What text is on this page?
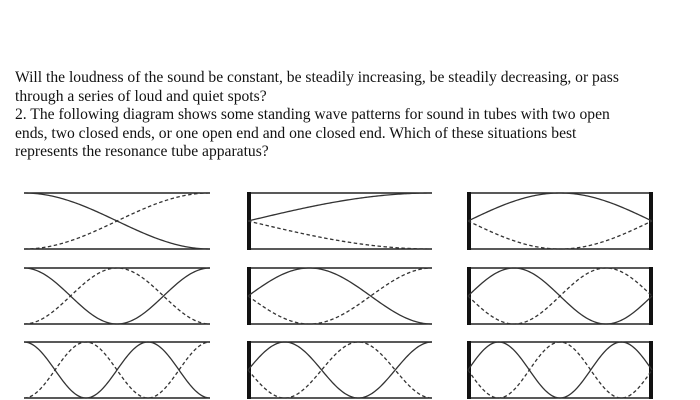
Will the loudness of the sound be constant, be steadily increasing, be steadily decreasing, or pass

through a series of loud and quiet spots?

2. The following diagram shows some standing wave patterns for sound in tubes with two open

ends, two closed ends, or one open end and one closed end. Which of these situations best

represents the resonance tube apparatus?
